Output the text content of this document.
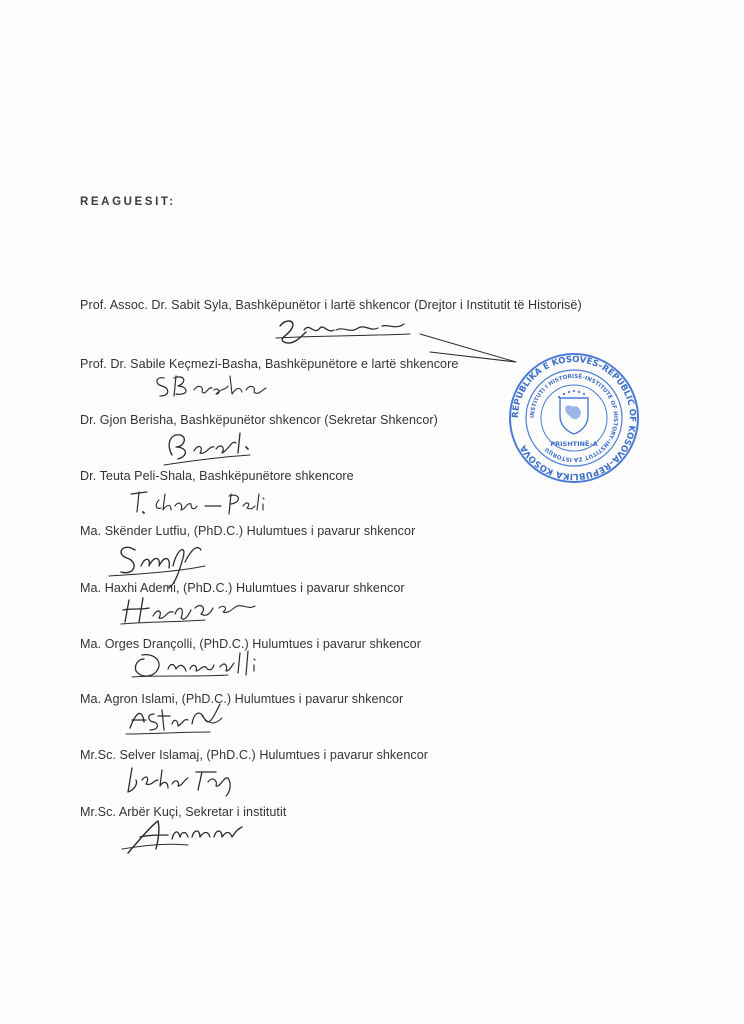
REAGUESIT:
Prof. Assoc. Dr. Sabit Syla, Bashkëpunëtor i lartë shkencor (Drejtor i Institutit të Historisë)
Prof. Dr. Sabile Keçmezi-Basha, Bashkëpunëtore e lartë shkencore
Dr. Gjon Berisha, Bashkëpunëtor shkencor (Sekretar Shkencor)
Dr. Teuta Peli-Shala, Bashkëpunëtore shkencore
Ma. Skënder Lutfiu, (PhD.C.) Hulumtues i pavarur shkencor
Ma. Haxhi Ademi, (PhD.C.) Hulumtues i pavarur shkencor
Ma. Orges Drançolli, (PhD.C.) Hulumtues i pavarur shkencor
Ma. Agron Islami, (PhD.C.) Hulumtues i pavarur shkencor
Mr.Sc. Selver Islamaj, (PhD.C.) Hulumtues i pavarur shkencor
Mr.Sc. Arbër Kuçi, Sekretar i institutit
REPUBLIKA E KOSOVËS–REPUBLIC OF KOSOVA–REPUBLIKA KOSOVA
INSTITUTI I HISTORISË–INSTITUTE OF HISTORY–INSTITUT ZA ISTORIJU
PRISHTINË–A
